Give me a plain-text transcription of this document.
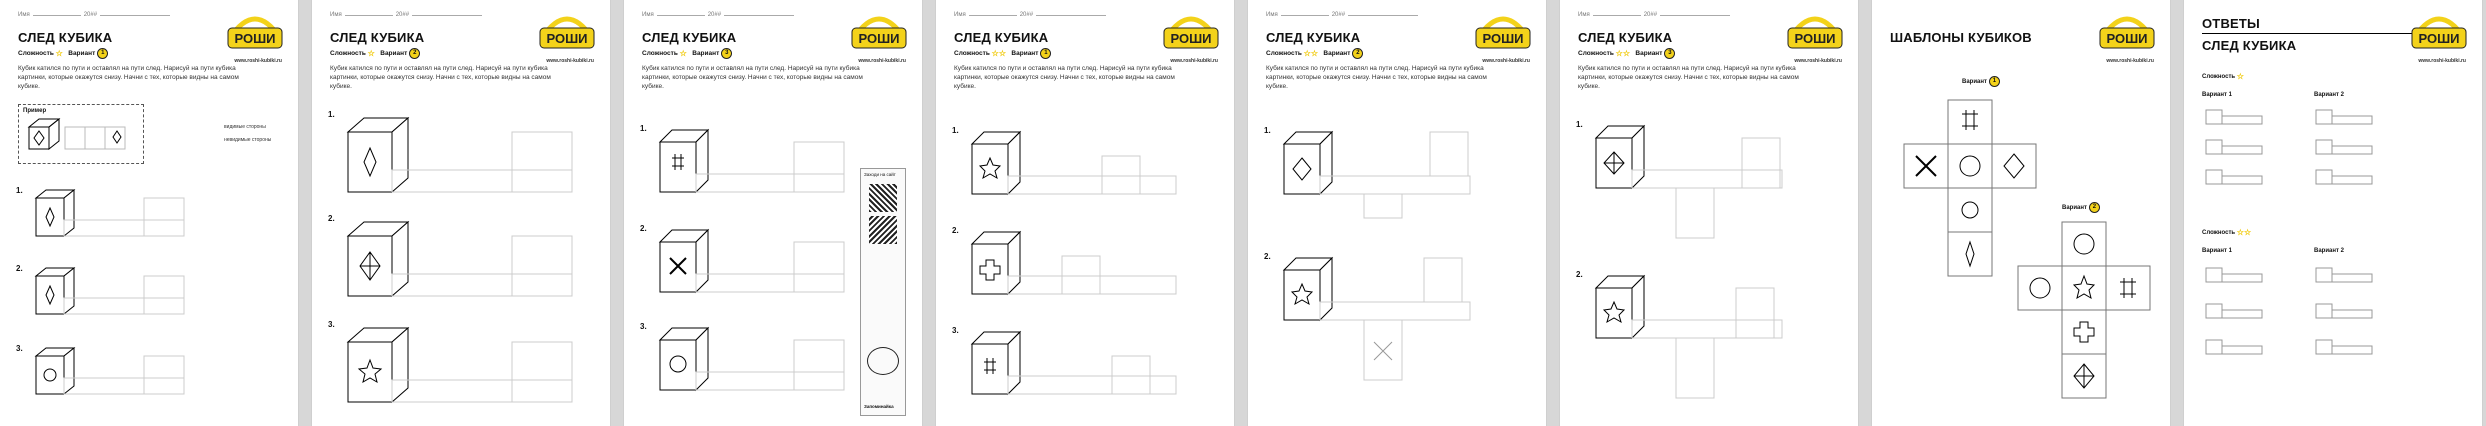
Имя	20##
СЛЕД КУБИКА
Сложность ☆ Вариант 1
Кубик катился по пути и оставлял на пути след. Нарисуй на пути кубика картинки, которые окажутся снизу. Начни с тех, которые видны на самом кубике.
РОШИ
www.roshi-kubiki.ru
Пример
видимые стороны
невидимые стороны
1.
2.
3.
Имя	20##
СЛЕД КУБИКА
Сложность ☆ Вариант 2
Кубик катился по пути и оставлял на пути след. Нарисуй на пути кубика картинки, которые окажутся снизу. Начни с тех, которые видны на самом кубике.
РОШИ
www.roshi-kubiki.ru
1.
2.
3.
Имя	20##
СЛЕД КУБИКА
Сложность ☆ Вариант 3
Кубик катился по пути и оставлял на пути след. Нарисуй на пути кубика картинки, которые окажутся снизу. Начни с тех, которые видны на самом кубике.
РОШИ
www.roshi-kubiki.ru
1.
2.
3.
Заходи на сайт
Запоминайка
Имя	20##
СЛЕД КУБИКА
Сложность ☆☆ Вариант 1
Кубик катился по пути и оставлял на пути след. Нарисуй на пути кубика картинки, которые окажутся снизу. Начни с тех, которые видны на самом кубике.
РОШИ
www.roshi-kubiki.ru
1.
2.
3.
Имя	20##
СЛЕД КУБИКА
Сложность ☆☆ Вариант 2
Кубик катился по пути и оставлял на пути след. Нарисуй на пути кубика картинки, которые окажутся снизу. Начни с тех, которые видны на самом кубике.
РОШИ
www.roshi-kubiki.ru
1.
2.
Имя	20##
СЛЕД КУБИКА
Сложность ☆☆ Вариант 3
Кубик катился по пути и оставлял на пути след. Нарисуй на пути кубика картинки, которые окажутся снизу. Начни с тех, которые видны на самом кубике.
РОШИ
www.roshi-kubiki.ru
1.
2.
ШАБЛОНЫ КУБИКОВ	РОШИ
www.roshi-kubiki.ru
Вариант 1
Вариант 2
ОТВЕТЫ
СЛЕД КУБИКА	РОШИ
www.roshi-kubiki.ru
Сложность ☆
Вариант 1	Вариант 2
Сложность ☆☆
Вариант 1	Вариант 2
